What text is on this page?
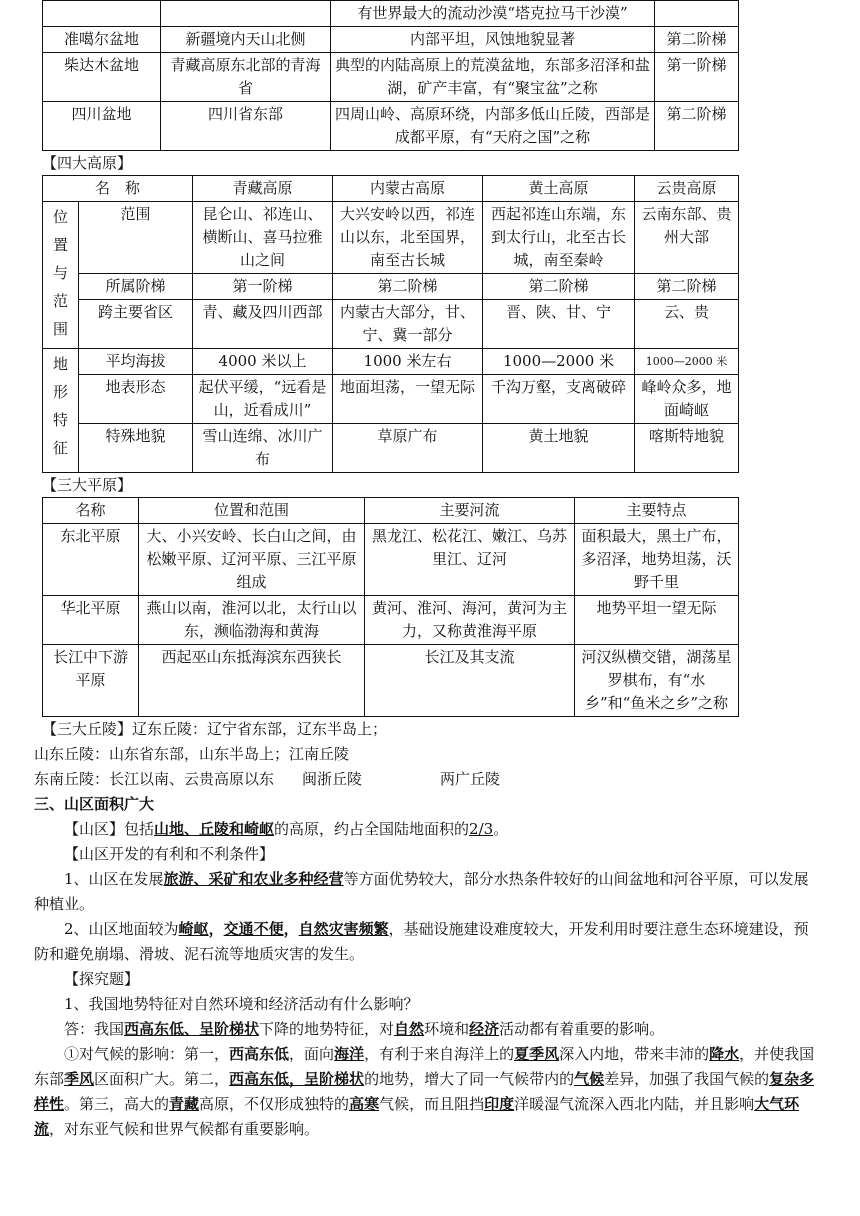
		有世界最大的流动沙漠“塔克拉马干沙漠”	
准噶尔盆地	新疆境内天山北侧	内部平坦，风蚀地貌显著	第二阶梯
柴达木盆地	青藏高原东北部的青海省	典型的内陆高原上的荒漠盆地，东部多沼泽和盐湖，矿产丰富，有“聚宝盆”之称	第一阶梯
四川盆地	四川省东部	四周山岭、高原环绕，内部多低山丘陵，西部是成都平原，有“天府之国”之称	第二阶梯
【四大高原】
名　称		青藏高原	内蒙古高原	黄土高原	云贵高原
位置与范围	范围	昆仑山、祁连山、横断山、喜马拉雅山之间	大兴安岭以西，祁连山以东，北至国界，南至古长城	西起祁连山东端，东到太行山，北至古长城，南至秦岭	云南东部、贵州大部
	所属阶梯	第一阶梯	第二阶梯	第二阶梯	第二阶梯
	跨主要省区	青、藏及四川西部	内蒙古大部分，甘、宁、冀一部分	晋、陕、甘、宁	云、贵
地形特征	平均海拔	4000 米以上	1000 米左右	1000—2000 米	1000—2000 米
	地表形态	起伏平缓，“远看是山，近看成川”	地面坦荡，一望无际	千沟万壑，支离破碎	峰岭众多，地面崎岖
	特殊地貌	雪山连绵、冰川广布	草原广布	黄土地貌	喀斯特地貌
【三大平原】
名称	位置和范围	主要河流	主要特点
东北平原	大、小兴安岭、长白山之间，由松嫩平原、辽河平原、三江平原组成	黑龙江、松花江、嫩江、乌苏里江、辽河	面积最大，黑土广布，多沼泽，地势坦荡，沃野千里
华北平原	燕山以南，淮河以北，太行山以东，濒临渤海和黄海	黄河、淮河、海河，黄河为主力，又称黄淮海平原	地势平坦一望无际
长江中下游平原	西起巫山东抵海滨东西狭长	长江及其支流	河汉纵横交错，湖荡星罗棋布，有“水乡”和“鱼米之乡”之称

【三大丘陵】辽东丘陵：辽宁省东部，辽东半岛上；

山东丘陵：山东省东部，山东半岛上；江南丘陵

东南丘陵：长江以南、云贵高原以东 闽浙丘陵	两广丘陵

三、山区面积广大

【山区】包括山地、丘陵和崎岖的高原，约占全国陆地面积的2/3。

【山区开发的有利和不利条件】

1、山区在发展旅游、采矿和农业多种经营等方面优势较大，部分水热条件较好的山间盆地和河谷平原，可以发展种植业。

2、山区地面较为崎岖，交通不便，自然灾害频繁，基础设施建设难度较大，开发利用时要注意生态环境建设，预防和避免崩塌、滑坡、泥石流等地质灾害的发生。

【探究题】

1、我国地势特征对自然环境和经济活动有什么影响？

答：我国西高东低、呈阶梯状下降的地势特征，对自然环境和经济活动都有着重要的影响。

①对气候的影响：第一，西高东低，面向海洋，有利于来自海洋上的夏季风深入内地，带来丰沛的降水，并使我国东部季风区面积广大。第二，西高东低，呈阶梯状的地势，增大了同一气候带内的气候差异，加强了我国气候的复杂多样性。第三，高大的青藏高原，不仅形成独特的高寒气候，而且阻挡印度洋暖湿气流深入西北内陆，并且影响大气环流，对东亚气候和世界气候都有重要影响。
